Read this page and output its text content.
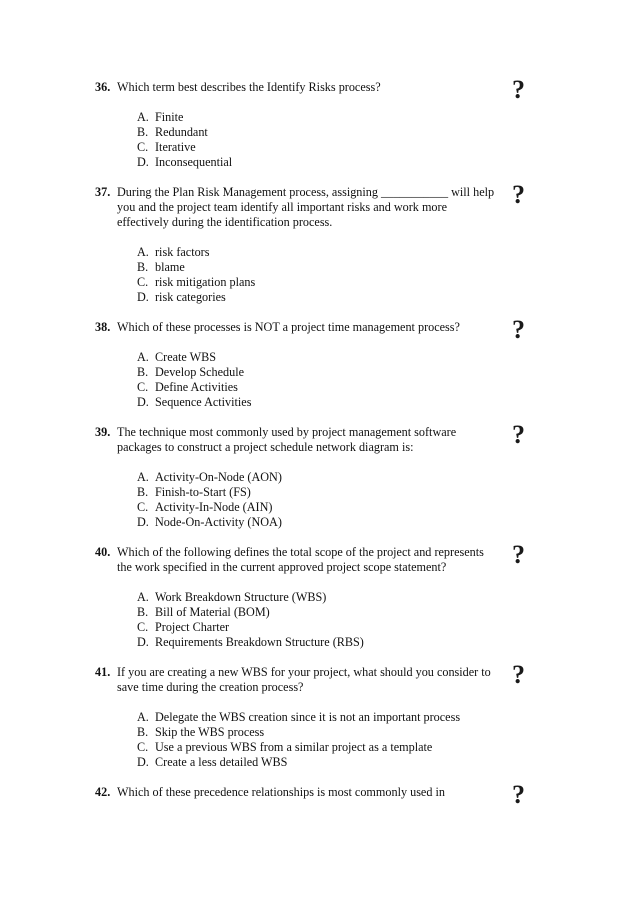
36. Which term best describes the Identify Risks process?	?
A. Finite
B. Redundant
C. Iterative
D. Inconsequential
37. During the Plan Risk Management process, assigning ___________ will help you and the project team identify all important risks and work more effectively during the identification process.
?
A. risk factors
B. blame
C. risk mitigation plans
D. risk categories
38. Which of these processes is NOT a project time management process?	?
A. Create WBS
B. Develop Schedule
C. Define Activities
D. Sequence Activities
39. The technique most commonly used by project management software packages to construct a project schedule network diagram is:	?
A. Activity-On-Node (AON)
B. Finish-to-Start (FS)
C. Activity-In-Node (AIN)
D. Node-On-Activity (NOA)
40. Which of the following defines the total scope of the project and represents the work specified in the current approved project scope statement?	?
A. Work Breakdown Structure (WBS)
B. Bill of Material (BOM)
C. Project Charter
D. Requirements Breakdown Structure (RBS)
41. If you are creating a new WBS for your project, what should you consider to save time during the creation process?	?
A. Delegate the WBS creation since it is not an important process
B. Skip the WBS process
C. Use a previous WBS from a similar project as a template
D. Create a less detailed WBS
42. Which of these precedence relationships is most commonly used in	?
